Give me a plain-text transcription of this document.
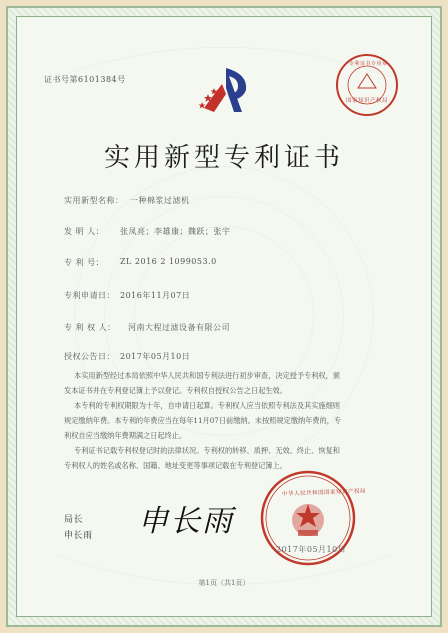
证书号第6101384号
国家知识产权局
专利证书专用章
实用新型专利证书
实用新型名称： 一种棉浆过滤机
发 明 人： 张凤亮；李雄康；魏跃；张宇
专 利 号： ZL 2016 2 1099053.0
专利申请日： 2016年11月07日
专 利 权 人： 河南大程过滤设备有限公司
授权公告日： 2017年05月10日
本实用新型经过本局依照中华人民共和国专利法进行初步审查，决定授予专利权，颁
发本证书并在专利登记簿上予以登记。专利权自授权公告之日起生效。
本专利的专利权期限为十年，自申请日起算。专利权人应当依照专利法及其实施细则
规定缴纳年费。本专利的年费应当在每年11月07日前缴纳。未按照规定缴纳年费的，专
利权自应当缴纳年费期满之日起终止。
专利证书记载专利权登记时的法律状况。专利权的转移、质押、无效、终止、恢复和
专利权人的姓名或名称、国籍、地址变更等事项记载在专利登记簿上。
局长
申长雨 申长雨
中华人民共和国国家知识产权局
2017年05月10日
第1页（共1页）
